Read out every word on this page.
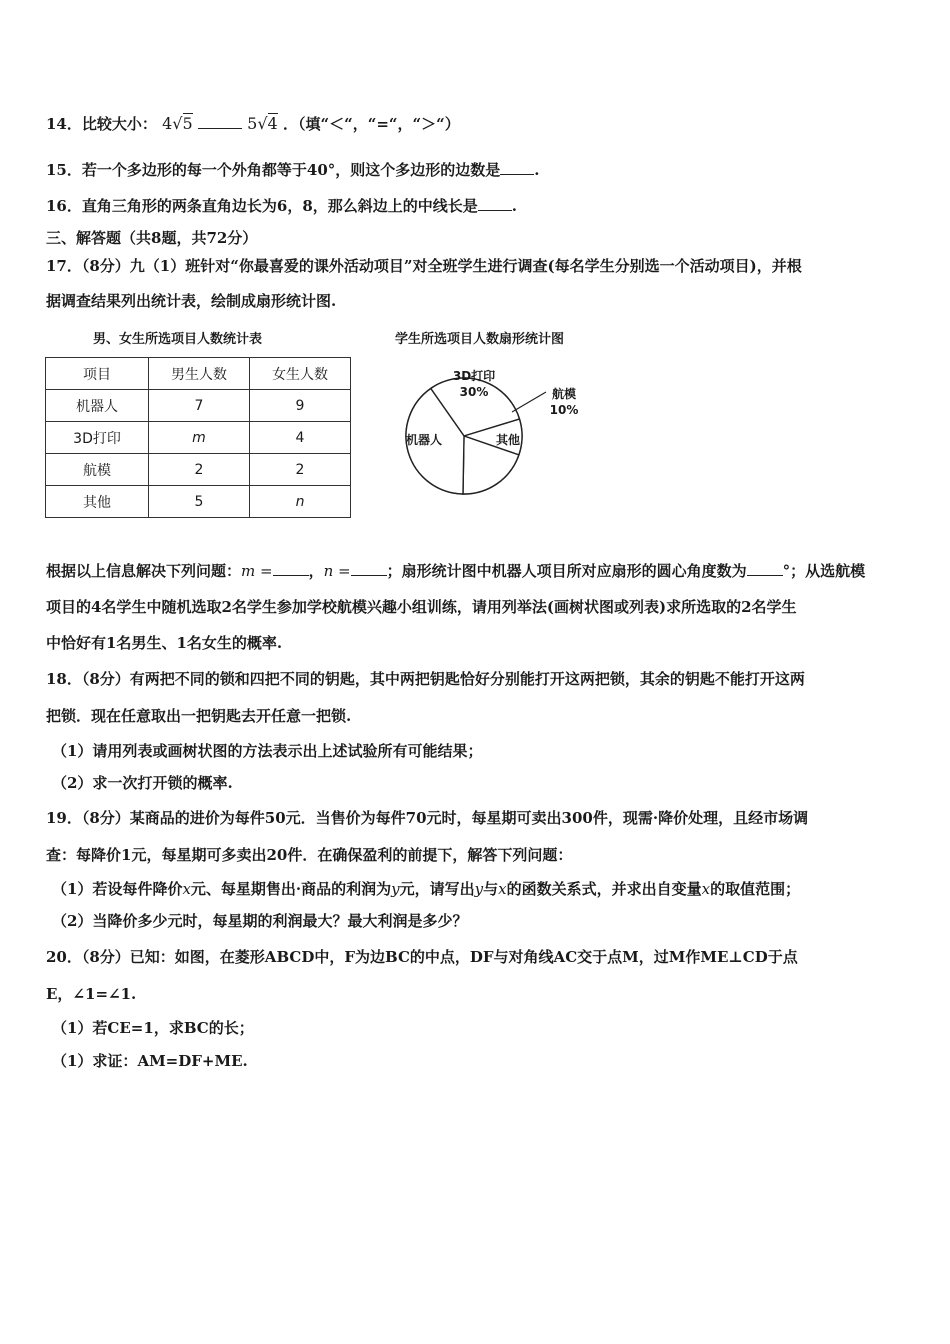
14．比较大小： 4√5	5√4 ．（填“＜“，“=“，“＞“）
15．若一个多边形的每一个外角都等于40°，则这个多边形的边数是 .
16．直角三角形的两条直角边长为6，8，那么斜边上的中线长是 .
三、解答题（共8题，共72分）
17．（8分）九（1）班针对“你最喜爱的课外活动项目”对全班学生进行调查(每名学生分别选一个活动项目)，并根
据调查结果列出统计表，绘制成扇形统计图.
男、女生所选项目人数统计表	学生所选项目人数扇形统计图
项目	男生人数	女生人数
机器人	7	9
3D打印	m	4
航模	2	2
其他	5	n
3D打印
30%	航模
10%
其他
机器人
根据以上信息解决下列问题：m = ，n = ；扇形统计图中机器人项目所对应扇形的圆心角度数为 °；从选航模
项目的4名学生中随机选取2名学生参加学校航模兴趣小组训练，请用列举法(画树状图或列表)求所选取的2名学生
中恰好有1名男生、1名女生的概率.
18．（8分）有两把不同的锁和四把不同的钥匙，其中两把钥匙恰好分别能打开这两把锁，其余的钥匙不能打开这两
把锁．现在任意取出一把钥匙去开任意一把锁.
（1）请用列表或画树状图的方法表示出上述试验所有可能结果；
（2）求一次打开锁的概率.
19．（8分）某商品的进价为每件50元．当售价为每件70元时，每星期可卖出300件，现需·降价处理，且经市场调
查：每降价1元，每星期可多卖出20件．在确保盈利的前提下，解答下列问题：
（1）若设每件降价x元、每星期售出·商品的利润为y元，请写出y与x的函数关系式，并求出自变量x的取值范围；
（2）当降价多少元时，每星期的利润最大？最大利润是多少？
20．（8分）已知：如图，在菱形ABCD中，F为边BC的中点，DF与对角线AC交于点M，过M作ME⊥CD于点
E，∠1=∠1.
（1）若CE=1，求BC的长；
（1）求证：AM=DF+ME.
